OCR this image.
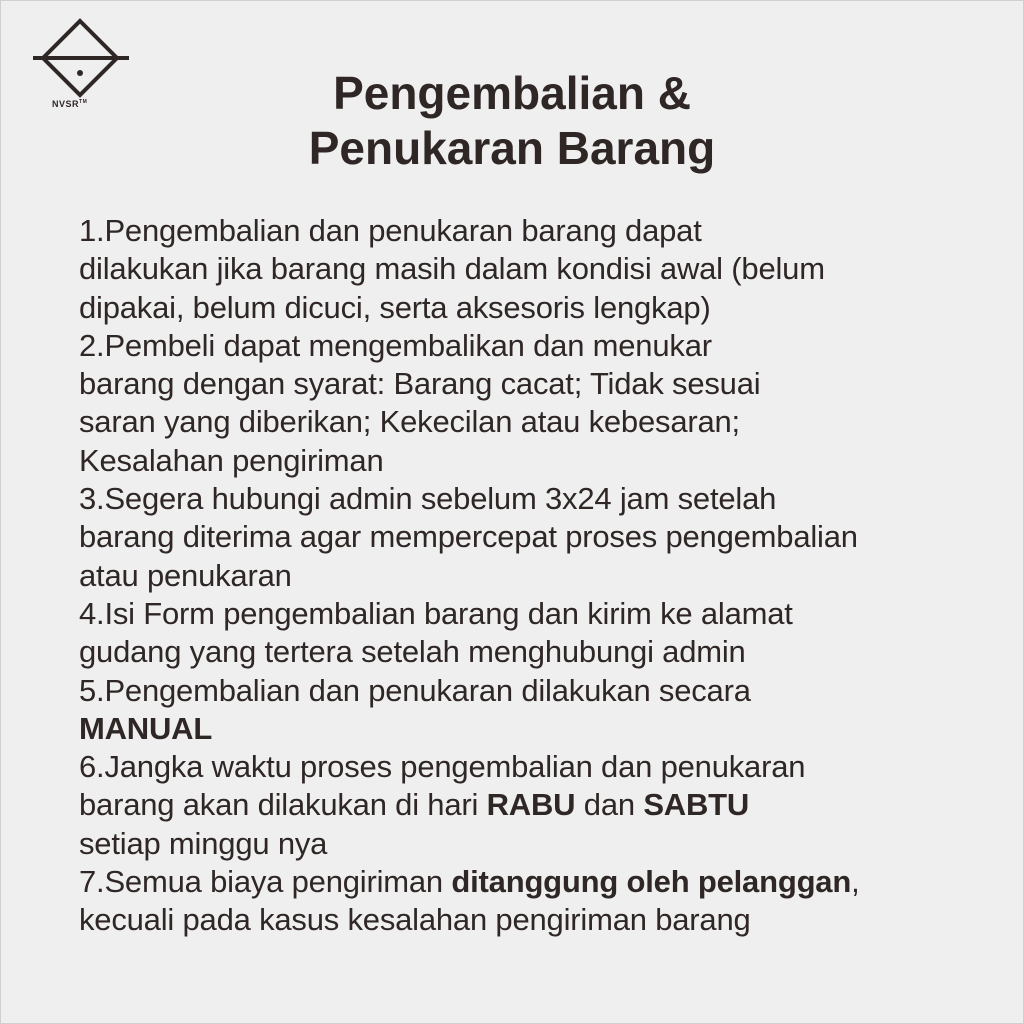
NVSR™	Pengembalian &
Penukaran Barang
1.Pengembalian dan penukaran barang dapat
dilakukan jika barang masih dalam kondisi awal (belum
dipakai, belum dicuci, serta aksesoris lengkap)
2.Pembeli dapat mengembalikan dan menukar
barang dengan syarat: Barang cacat; Tidak sesuai
saran yang diberikan; Kekecilan atau kebesaran;
Kesalahan pengiriman
3.Segera hubungi admin sebelum 3x24 jam setelah
barang diterima agar mempercepat proses pengembalian
atau penukaran
4.Isi Form pengembalian barang dan kirim ke alamat
gudang yang tertera setelah menghubungi admin
5.Pengembalian dan penukaran dilakukan secara
MANUAL
6.Jangka waktu proses pengembalian dan penukaran
barang akan dilakukan di hari RABU dan SABTU
setiap minggu nya
7.Semua biaya pengiriman ditanggung oleh pelanggan,
kecuali pada kasus kesalahan pengiriman barang
